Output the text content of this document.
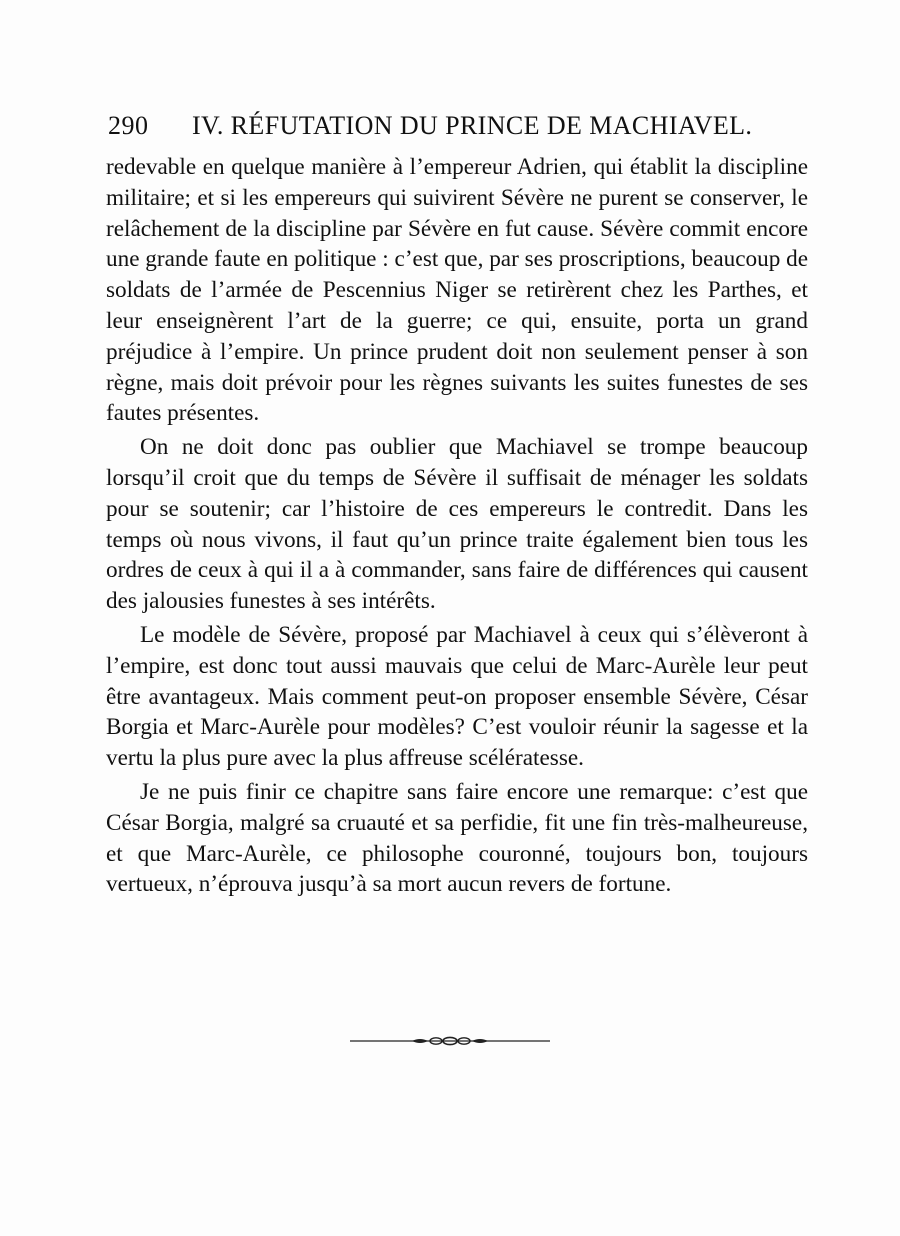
290 IV. RÉFUTATION DU PRINCE DE MACHIAVEL.

redevable en quelque manière à l’empereur Adrien, qui établit la discipline militaire; et si les empereurs qui suivirent Sévère ne purent se conserver, le relâchement de la discipline par Sévère en fut cause. Sévère commit encore une grande faute en politique : c’est que, par ses proscriptions, beaucoup de soldats de l’armée de Pescennius Niger se retirèrent chez les Parthes, et leur enseignèrent l’art de la guerre; ce qui, ensuite, porta un grand préjudice à l’empire. Un prince prudent doit non seulement penser à son règne, mais doit prévoir pour les règnes suivants les suites funestes de ses fautes présentes.

On ne doit donc pas oublier que Machiavel se trompe beaucoup lorsqu’il croit que du temps de Sévère il suffisait de ménager les soldats pour se soutenir; car l’histoire de ces empereurs le contredit. Dans les temps où nous vivons, il faut qu’un prince traite également bien tous les ordres de ceux à qui il a à commander, sans faire de différences qui causent des jalousies funestes à ses intérêts.

Le modèle de Sévère, proposé par Machiavel à ceux qui s’élèveront à l’empire, est donc tout aussi mauvais que celui de Marc-Aurèle leur peut être avantageux. Mais comment peut-on proposer ensemble Sévère, César Borgia et Marc-Aurèle pour modèles? C’est vouloir réunir la sagesse et la vertu la plus pure avec la plus affreuse scélératesse.

Je ne puis finir ce chapitre sans faire encore une remarque: c’est que César Borgia, malgré sa cruauté et sa perfidie, fit une fin très-malheureuse, et que Marc-Aurèle, ce philosophe couronné, toujours bon, toujours vertueux, n’éprouva jusqu’à sa mort aucun revers de fortune.
